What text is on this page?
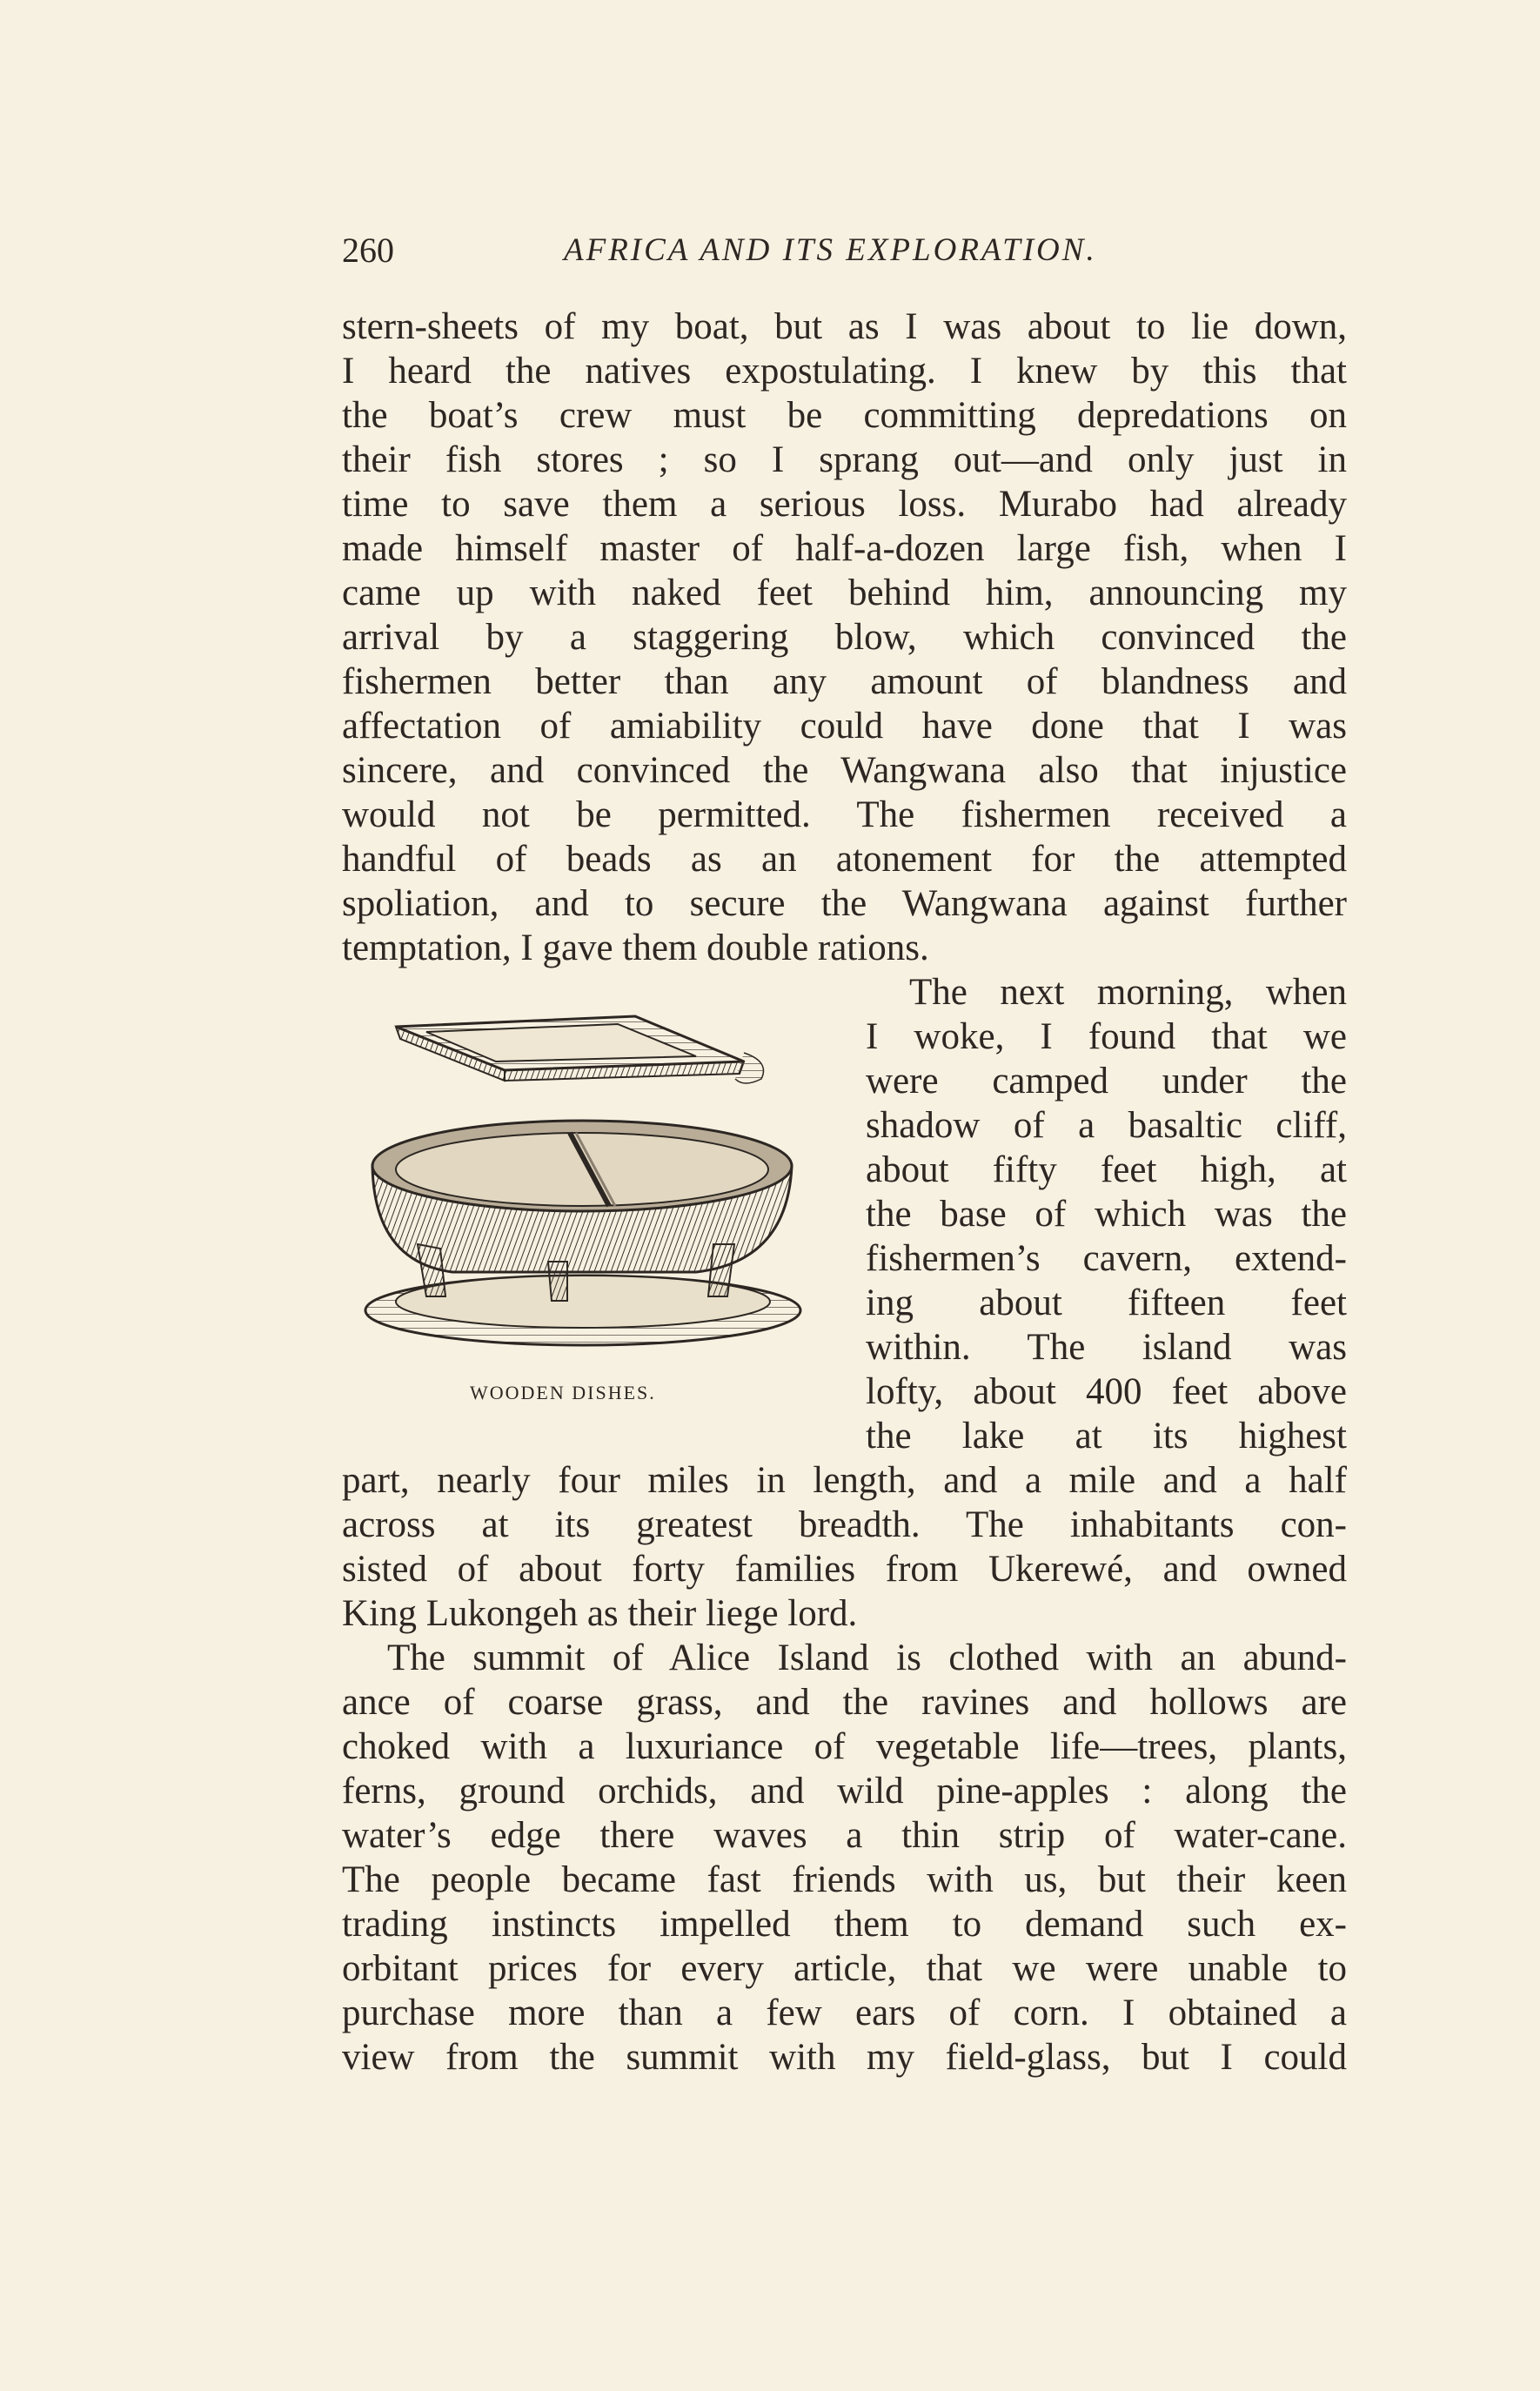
260	AFRICA AND ITS EXPLORATION.
stern-sheets of my boat, but as I was about to lie down,
I heard the natives expostulating. I knew by this that
the boat’s crew must be committing depredations on
their fish stores ; so I sprang out—and only just in
time to save them a serious loss. Murabo had already
made himself master of half-a-dozen large fish, when I
came up with naked feet behind him, announcing my
arrival by a staggering blow, which convinced the
fishermen better than any amount of blandness and
affectation of amiability could have done that I was
sincere, and convinced the Wangwana also that injustice
would not be permitted. The fishermen received a
handful of beads as an atonement for the attempted
spoliation, and to secure the Wangwana against further
temptation, I gave them double rations.
The next morning, when
I woke, I found that we
were camped under the
shadow of a basaltic cliff,
about fifty feet high, at
the base of which was the
fishermen’s cavern, extend-
ing about fifteen feet
within. The island was
lofty, about 400 feet above
the lake at its highest
part, nearly four miles in length, and a mile and a half
across at its greatest breadth. The inhabitants con-
sisted of about forty families from Ukerewé, and owned
King Lukongeh as their liege lord.
The summit of Alice Island is clothed with an abund-
ance of coarse grass, and the ravines and hollows are
choked with a luxuriance of vegetable life—trees, plants,
ferns, ground orchids, and wild pine-apples : along the
water’s edge there waves a thin strip of water-cane.
The people became fast friends with us, but their keen
trading instincts impelled them to demand such ex-
orbitant prices for every article, that we were unable to
purchase more than a few ears of corn. I obtained a
view from the summit with my field-glass, but I could
WOODEN DISHES.
